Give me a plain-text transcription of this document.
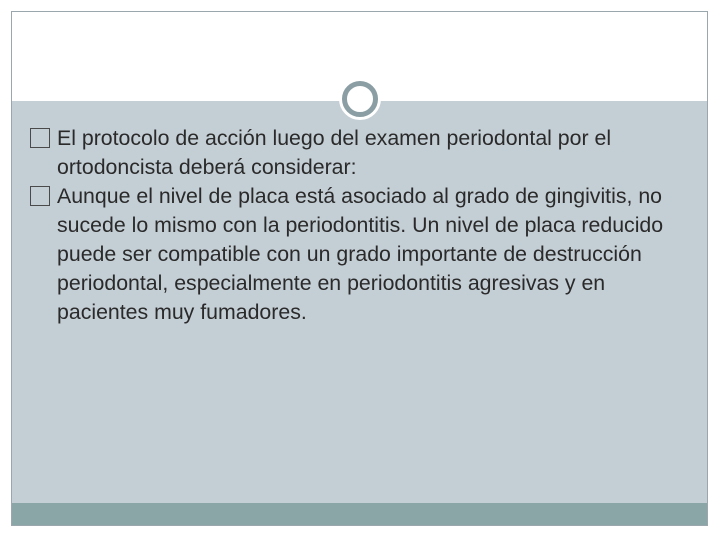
El protocolo de acción luego del examen periodontal por el ortodoncista deberá considerar:
Aunque el nivel de placa está asociado al grado de gingivitis, no sucede lo mismo con la periodontitis. Un nivel de placa reducido puede ser compatible con un grado importante de destrucción periodontal, especialmente en periodontitis agresivas y en pacientes muy fumadores.
